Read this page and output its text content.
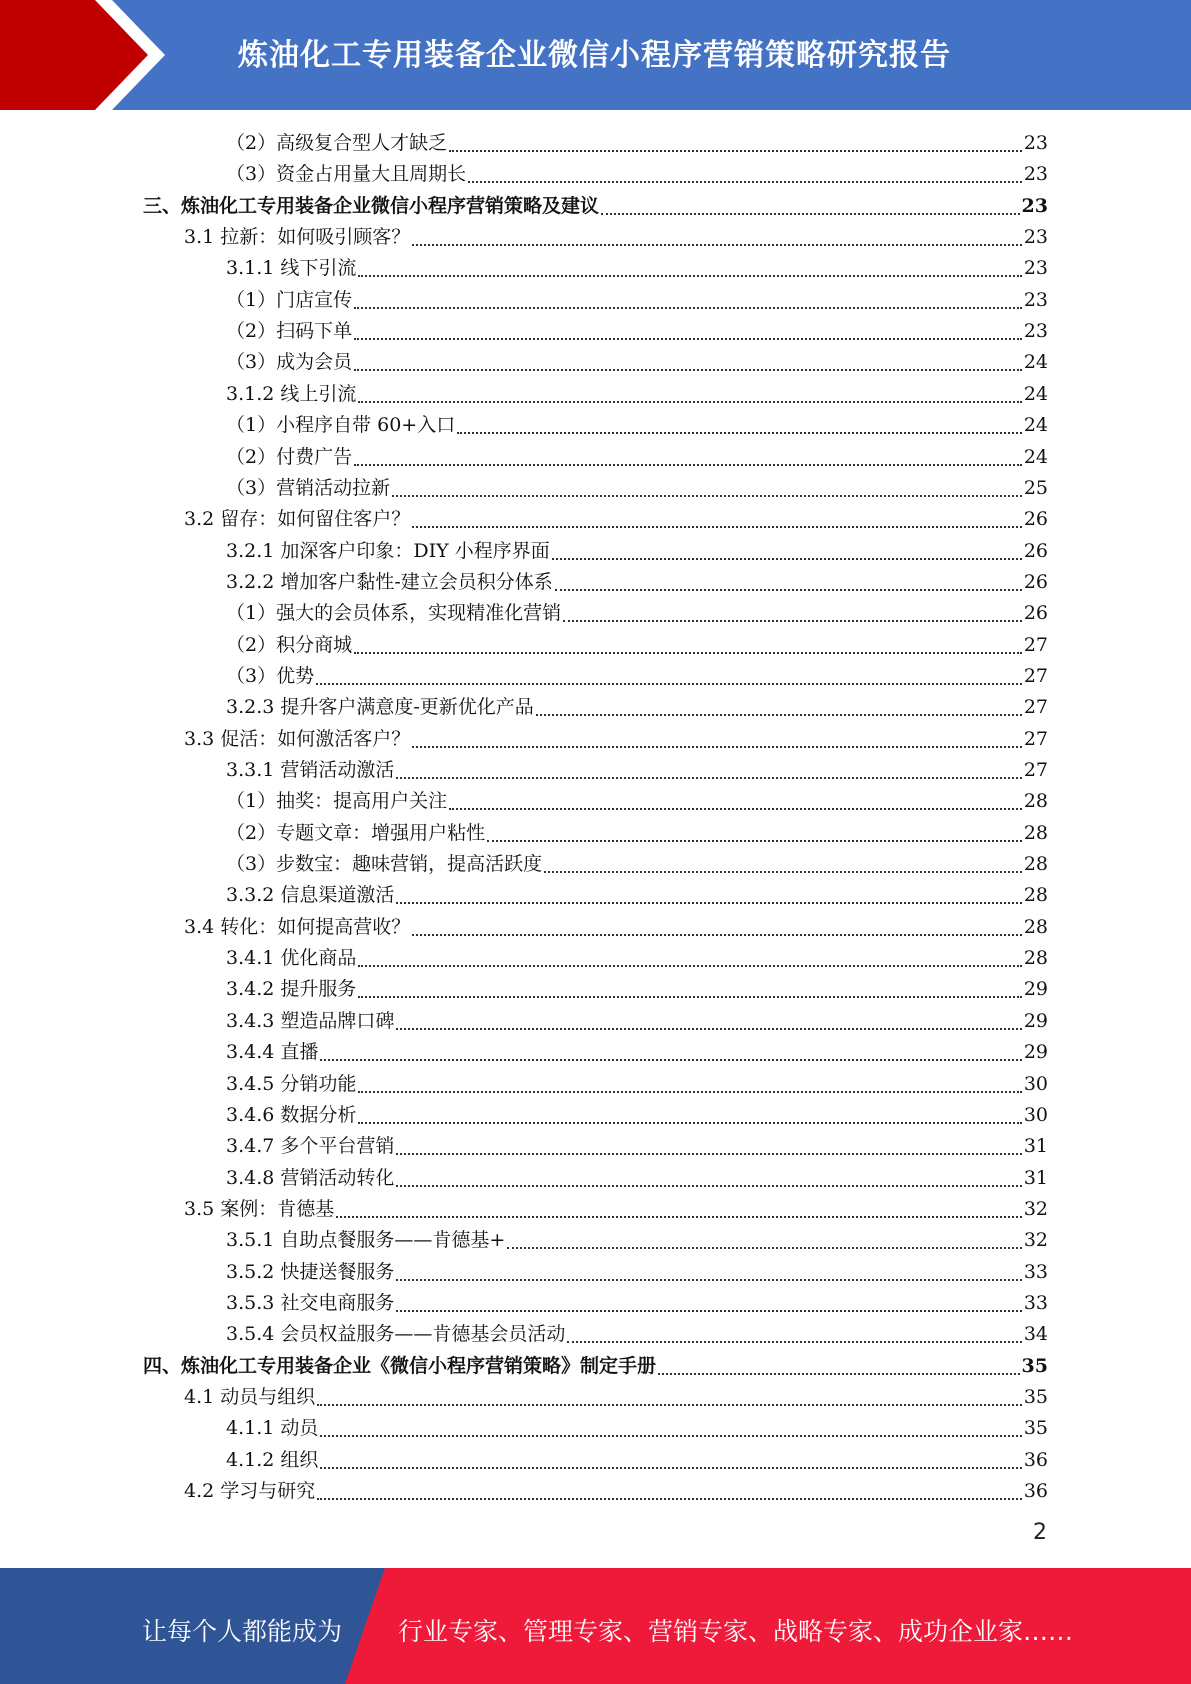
炼油化工专用装备企业微信小程序营销策略研究报告
（2）高级复合型人才缺乏	23
（3）资金占用量大且周期长	23
三、炼油化工专用装备企业微信小程序营销策略及建议	23
3.1 拉新：如何吸引顾客？	23
3.1.1 线下引流	23
（1）门店宣传	23
（2）扫码下单	23
（3）成为会员	24
3.1.2 线上引流	24
（1）小程序自带 60+入口	24
（2）付费广告	24
（3）营销活动拉新	25
3.2 留存：如何留住客户？	26
3.2.1 加深客户印象：DIY 小程序界面	26
3.2.2 增加客户黏性-建立会员积分体系	26
（1）强大的会员体系，实现精准化营销	26
（2）积分商城	27
（3）优势	27
3.2.3 提升客户满意度-更新优化产品	27
3.3 促活：如何激活客户？	27
3.3.1 营销活动激活	27
（1）抽奖：提高用户关注	28
（2）专题文章：增强用户粘性	28
（3）步数宝：趣味营销，提高活跃度	28
3.3.2 信息渠道激活	28
3.4 转化：如何提高营收？	28
3.4.1 优化商品	28
3.4.2 提升服务	29
3.4.3 塑造品牌口碑	29
3.4.4 直播	29
3.4.5 分销功能	30
3.4.6 数据分析	30
3.4.7 多个平台营销	31
3.4.8 营销活动转化	31
3.5 案例：肯德基	32
3.5.1 自助点餐服务——肯德基+	32
3.5.2 快捷送餐服务	33
3.5.3 社交电商服务	33
3.5.4 会员权益服务——肯德基会员活动	34
四、炼油化工专用装备企业《微信小程序营销策略》制定手册	35
4.1 动员与组织	35
4.1.1 动员	35
4.1.2 组织	36
4.2 学习与研究	36
2
让每个人都能成为 行业专家、管理专家、营销专家、战略专家、成功企业家……
